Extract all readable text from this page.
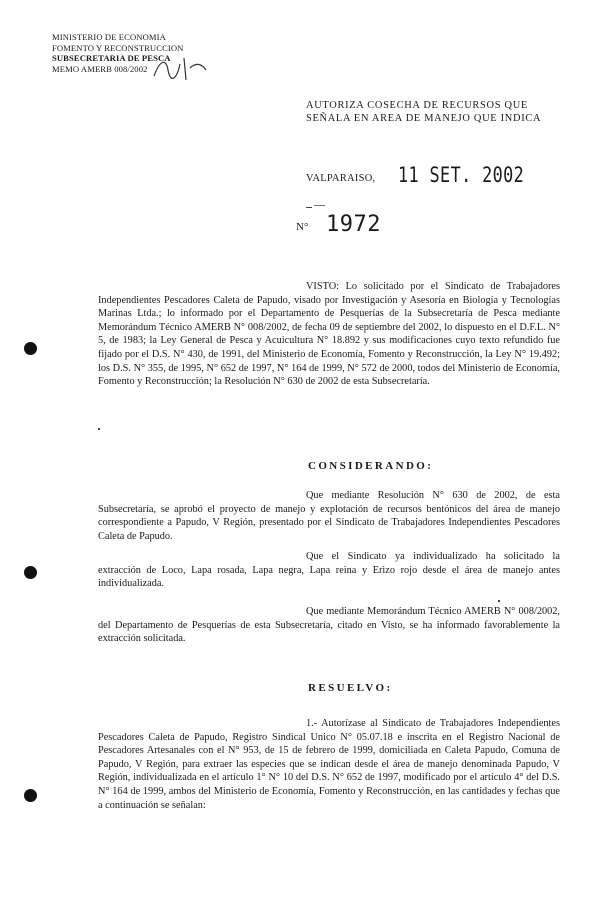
MINISTERIO DE ECONOMIA
FOMENTO Y RECONSTRUCCION
SUBSECRETARIA DE PESCA
MEMO AMERB 008/2002
AUTORIZA COSECHA DE RECURSOS QUE SEÑALA EN AREA DE MANEJO QUE INDICA
VALPARAISO, 11 SET. 2002
N° 1972
VISTO: Lo solicitado por el Sindicato de Trabajadores Independientes Pescadores Caleta de Papudo, visado por Investigación y Asesoría en Biología y Tecnologías Marinas Ltda.; lo informado por el Departamento de Pesquerías de la Subsecretaría de Pesca mediante Memorándum Técnico AMERB N° 008/2002, de fecha 09 de septiembre del 2002, lo dispuesto en el D.F.L. N° 5, de 1983; la Ley General de Pesca y Acuicultura N° 18.892 y sus modificaciones cuyo texto refundido fue fijado por el D.S. N° 430, de 1991, del Ministerio de Economía, Fomento y Reconstrucción, la Ley N° 19.492; los D.S. N° 355, de 1995, N° 652 de 1997, N° 164 de 1999, N° 572 de 2000, todos del Ministerio de Economía, Fomento y Reconstrucción; la Resolución N° 630 de 2002 de esta Subsecretaría.
CONSIDERANDO:
Que mediante Resolución N° 630 de 2002, de esta Subsecretaría, se aprobó el proyecto de manejo y explotación de recursos bentónicos del área de manejo correspondiente a Papudo, V Región, presentado por el Sindicato de Trabajadores Independientes Pescadores Caleta de Papudo.
Que el Sindicato ya individualizado ha solicitado la extracción de Loco, Lapa rosada, Lapa negra, Lapa reina y Erizo rojo desde el área de manejo antes individualizada.
Que mediante Memorándum Técnico AMERB N° 008/2002, del Departamento de Pesquerías de esta Subsecretaría, citado en Visto, se ha informado favorablemente la extracción solicitada.
RESUELVO:
1.- Autorízase al Sindicato de Trabajadores Independientes Pescadores Caleta de Papudo, Registro Sindical Unico N° 05.07.18 e inscrita en el Registro Nacional de Pescadores Artesanales con el N° 953, de 15 de febrero de 1999, domiciliada en Caleta Papudo, Comuna de Papudo, V Región, para extraer las especies que se indican desde el área de manejo denominada Papudo, V Región, individualizada en el artículo 1° N° 10 del D.S. N° 652 de 1997, modificado por el artículo 4° del D.S. N° 164 de 1999, ambos del Ministerio de Economía, Fomento y Reconstrucción, en las cantidades y fechas que a continuación se señalan:
